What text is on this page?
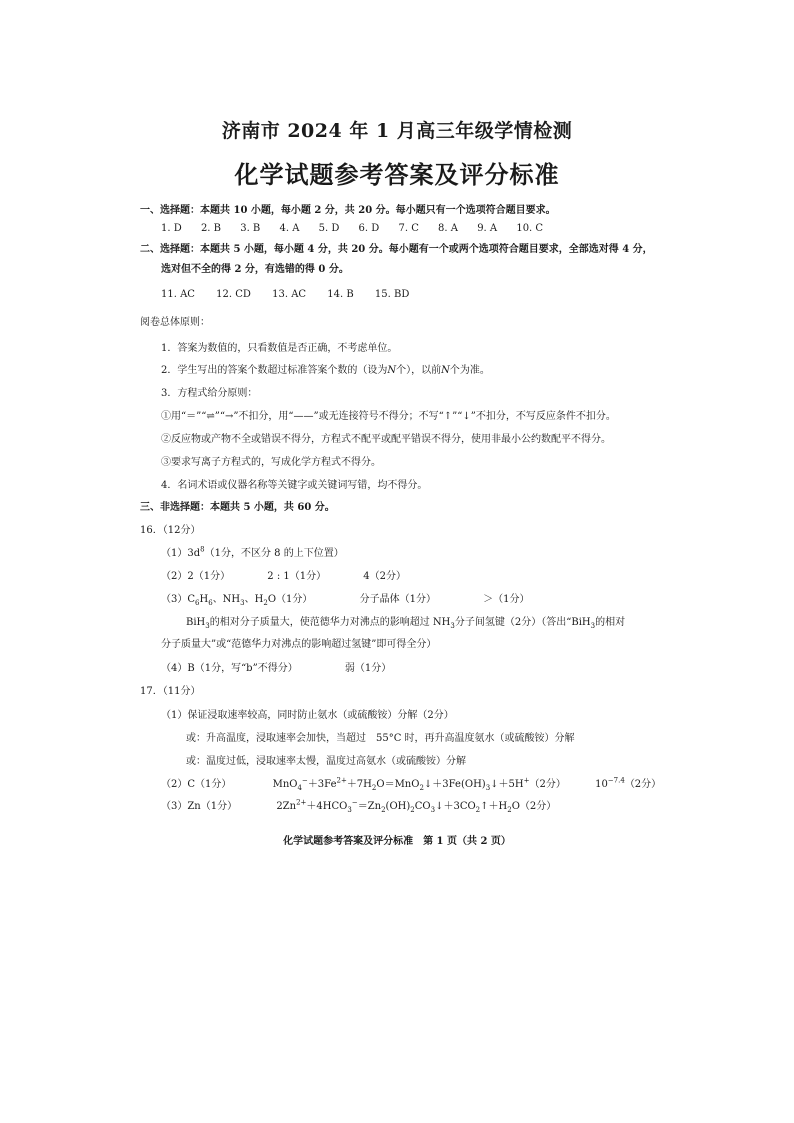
济南市 2024 年 1 月高三年级学情检测
化学试题参考答案及评分标准
一、选择题：本题共 10 小题，每小题 2 分，共 20 分。每小题只有一个选项符合题目要求。
1. D 2. B 3. B 4. A 5. D 6. D 7. C 8. A 9. A 10. C
二、选择题：本题共 5 小题，每小题 4 分，共 20 分。每小题有一个或两个选项符合题目要求，全部选对得 4 分，
选对但不全的得 2 分，有选错的得 0 分。
11. AC 12. CD 13. AC 14. B 15. BD
阅卷总体原则：
1．答案为数值的，只看数值是否正确，不考虑单位。
2．学生写出的答案个数超过标准答案个数的（设为N个），以前N个为准。
3．方程式给分原则：
①用“＝”“⇌”“→”不扣分，用“——”或无连接符号不得分；不写“↑”“↓”不扣分，不写反应条件不扣分。
②反应物或产物不全或错误不得分，方程式不配平或配平错误不得分，使用非最小公约数配平不得分。
③要求写离子方程式的，写成化学方程式不得分。
4．名词术语或仪器名称等关键字或关键词写错，均不得分。
三、非选择题：本题共 5 小题，共 60 分。
16．（12分）
$(1)3d^8(1$分，不区分 8 的上下位置）
（2）2（1分）	2 : 1（1分）	4（2分）
$(3)C_6H_6$、$NH_3$、$H_2O(1$分）	分子晶体（1分）	＞（1分）
BiH$_3$的相对分子质量大，使范德华力对沸点的影响超过 $NH_3$分子间氢键（2分）（答出“BiH$_3$的相对
分子质量大”或“范德华力对沸点的影响超过氢键”即可得全分）
（4）B（1分，写“b”不得分）	弱（1分）
17．（11分）
（1）保证浸取速率较高，同时防止氨水（或硫酸铵）分解（2分）
或：升高温度，浸取速率会加快，当超过　55°C 时，再升高温度氨水（或硫酸铵）分解
或：温度过低，浸取速率太慢，温度过高氨水（或硫酸铵）分解
（2）C（1分）	$MnO_4^-+3Fe^{2+}+7H_2O=MnO_2↓+3Fe(OH)_3↓+5H^+(2$分）	$10^{-7.4}(2$分）
（3）Zn（1分）	$2Zn^{2+}+4HCO_3^-=Zn_2(OH)_2CO_3↓+3CO_2↑+H_2O(2$分）
化学试题参考答案及评分标准　第 1 页（共 2 页）
